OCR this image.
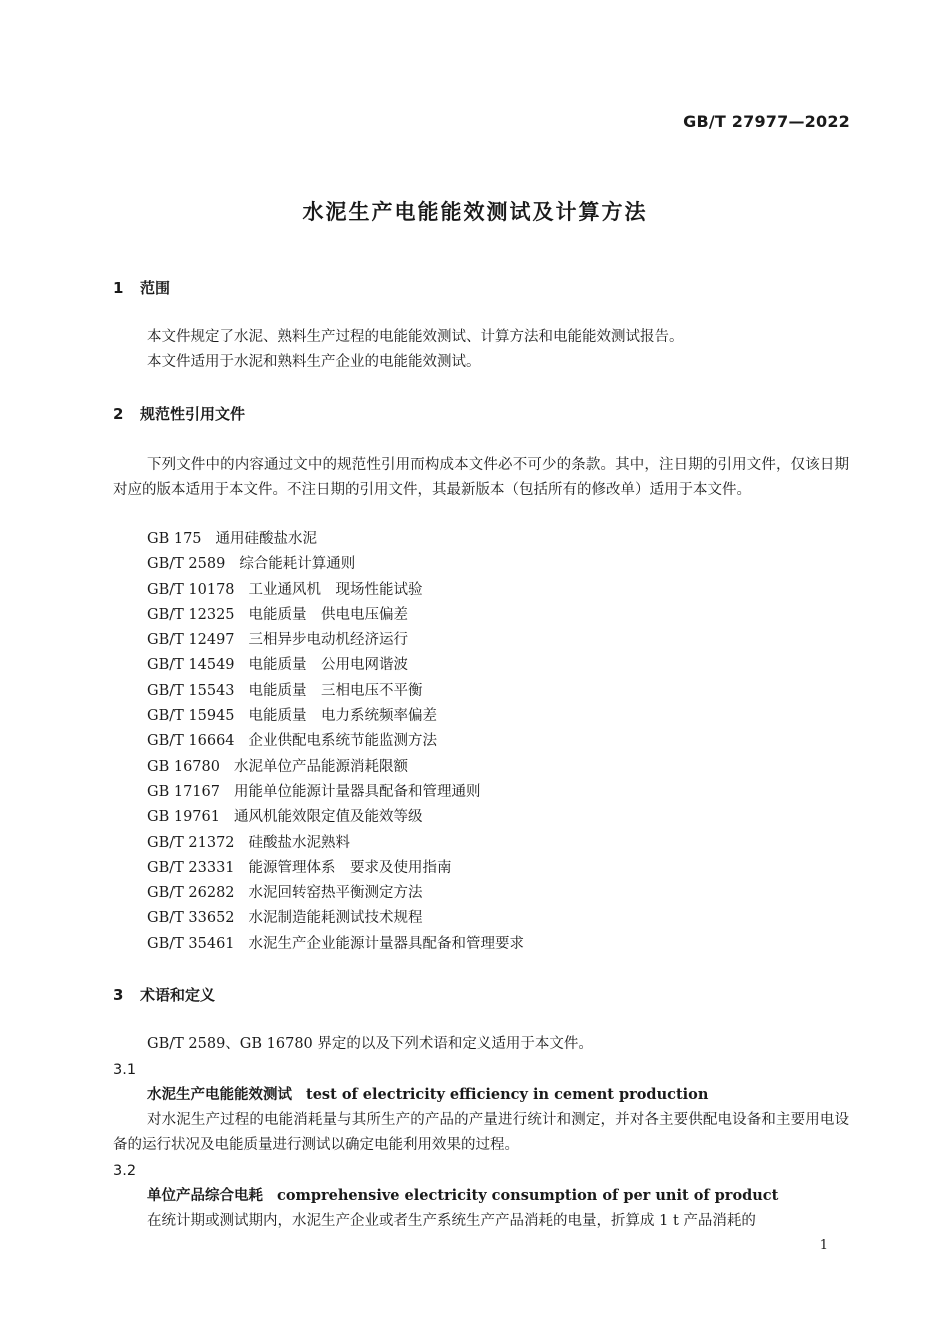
GB/T 27977—2022
水泥生产电能能效测试及计算方法
1 范围
本文件规定了水泥、熟料生产过程的电能能效测试、计算方法和电能能效测试报告。
本文件适用于水泥和熟料生产企业的电能能效测试。
2 规范性引用文件
下列文件中的内容通过文中的规范性引用而构成本文件必不可少的条款。其中，注日期的引用文件，仅该日期对应的版本适用于本文件。不注日期的引用文件，其最新版本（包括所有的修改单）适用于本文件。
GB 175 通用硅酸盐水泥
GB/T 2589 综合能耗计算通则
GB/T 10178 工业通风机　现场性能试验
GB/T 12325 电能质量　供电电压偏差
GB/T 12497 三相异步电动机经济运行
GB/T 14549 电能质量　公用电网谐波
GB/T 15543 电能质量　三相电压不平衡
GB/T 15945 电能质量　电力系统频率偏差
GB/T 16664 企业供配电系统节能监测方法
GB 16780 水泥单位产品能源消耗限额
GB 17167 用能单位能源计量器具配备和管理通则
GB 19761 通风机能效限定值及能效等级
GB/T 21372 硅酸盐水泥熟料
GB/T 23331 能源管理体系　要求及使用指南
GB/T 26282 水泥回转窑热平衡测定方法
GB/T 33652 水泥制造能耗测试技术规程
GB/T 35461 水泥生产企业能源计量器具配备和管理要求
3 术语和定义
GB/T 2589、GB 16780 界定的以及下列术语和定义适用于本文件。
3.1
水泥生产电能能效测试 test of electricity efficiency in cement production
对水泥生产过程的电能消耗量与其所生产的产品的产量进行统计和测定，并对各主要供配电设备和主要用电设备的运行状况及电能质量进行测试以确定电能利用效果的过程。
3.2
单位产品综合电耗 comprehensive electricity consumption of per unit of product
在统计期或测试期内，水泥生产企业或者生产系统生产产品消耗的电量，折算成 1 t 产品消耗的
1
